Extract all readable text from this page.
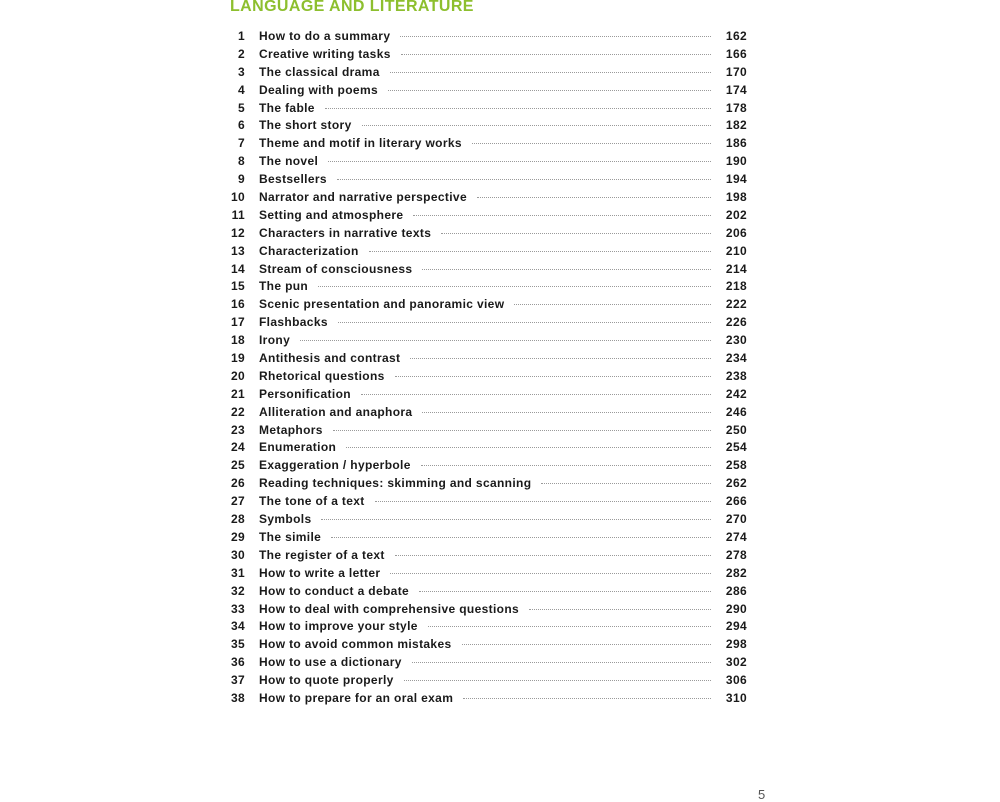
LANGUAGE AND LITERATURE
1 How to do a summary	162
2 Creative writing tasks	166
3 The classical drama	170
4 Dealing with poems	174
5 The fable	178
6 The short story	182
7 Theme and motif in literary works	186
8 The novel	190
9 Bestsellers	194
10 Narrator and narrative perspective	198
11 Setting and atmosphere	202
12 Characters in narrative texts	206
13 Characterization	210
14 Stream of consciousness	214
15 The pun	218
16 Scenic presentation and panoramic view	222
17 Flashbacks	226
18 Irony	230
19 Antithesis and contrast	234
20 Rhetorical questions	238
21 Personification	242
22 Alliteration and anaphora	246
23 Metaphors	250
24 Enumeration	254
25 Exaggeration / hyperbole	258
26 Reading techniques: skimming and scanning	262
27 The tone of a text	266
28 Symbols	270
29 The simile	274
30 The register of a text	278
31 How to write a letter	282
32 How to conduct a debate	286
33 How to deal with comprehensive questions	290
34 How to improve your style	294
35 How to avoid common mistakes	298
36 How to use a dictionary	302
37 How to quote properly	306
38 How to prepare for an oral exam	310
5
